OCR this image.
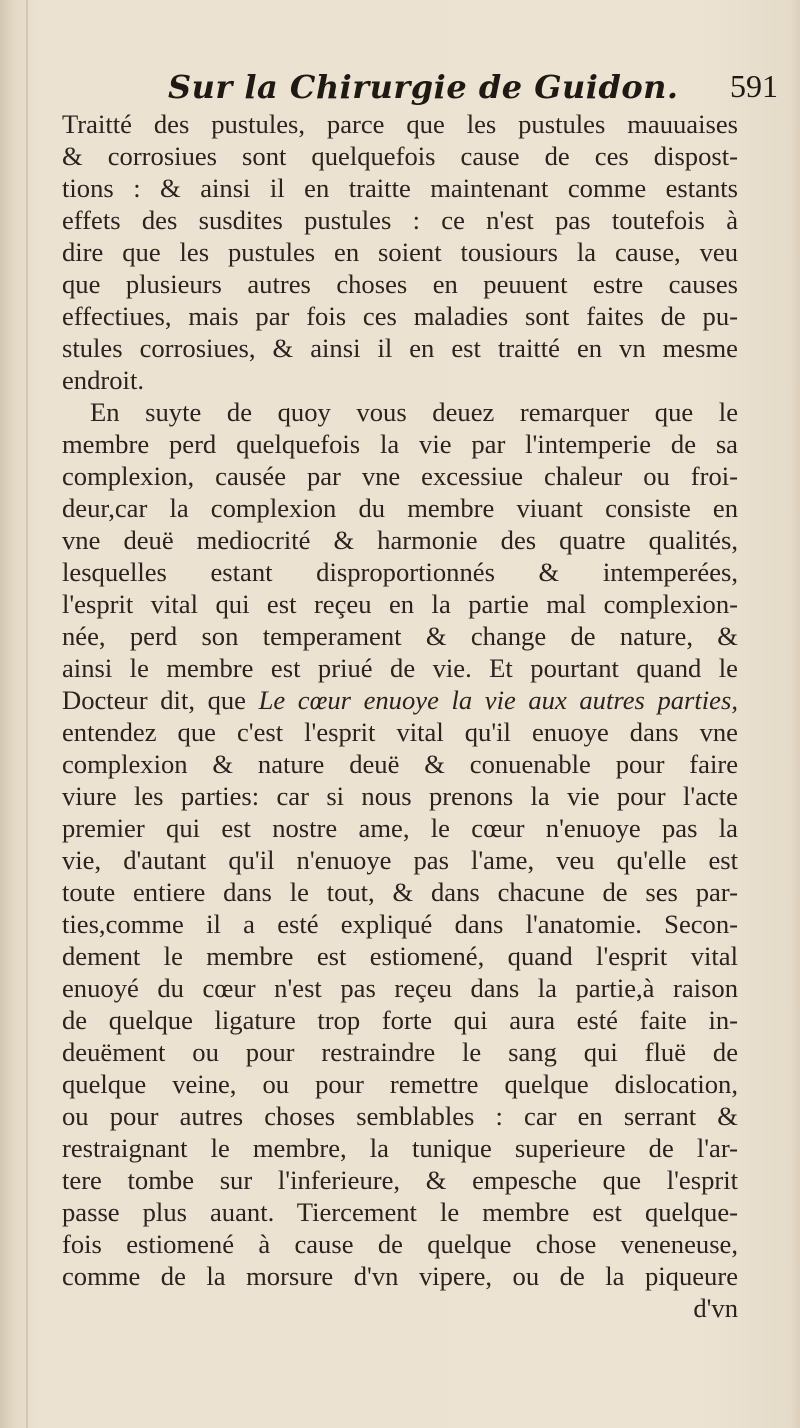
Sur la Chirurgie de Guidon. 591
Traitté des pustules, parce que les pustules mauuaises
& corrosiues sont quelquefois cause de ces dispost-
tions : & ainsi il en traitte maintenant comme estants
effets des susdites pustules : ce n'est pas toutefois à
dire que les pustules en soient tousiours la cause, veu
que plusieurs autres choses en peuuent estre causes
effectiues, mais par fois ces maladies sont faites de pu-
stules corrosiues, & ainsi il en est traitté en vn mesme
endroit.
En suyte de quoy vous deuez remarquer que le
membre perd quelquefois la vie par l'intemperie de sa
complexion, causée par vne excessiue chaleur ou froi-
deur,car la complexion du membre viuant consiste en
vne deuë mediocrité & harmonie des quatre qualités,
lesquelles estant disproportionnés & intemperées,
l'esprit vital qui est reçeu en la partie mal complexion-
née, perd son temperament & change de nature, &
ainsi le membre est priué de vie. Et pourtant quand le
Docteur dit, que Le cœur enuoye la vie aux autres parties,
entendez que c'est l'esprit vital qu'il enuoye dans vne
complexion & nature deuë & conuenable pour faire
viure les parties: car si nous prenons la vie pour l'acte
premier qui est nostre ame, le cœur n'enuoye pas la
vie, d'autant qu'il n'enuoye pas l'ame, veu qu'elle est
toute entiere dans le tout, & dans chacune de ses par-
ties,comme il a esté expliqué dans l'anatomie. Secon-
dement le membre est estiomené, quand l'esprit vital
enuoyé du cœur n'est pas reçeu dans la partie,à raison
de quelque ligature trop forte qui aura esté faite in-
deuëment ou pour restraindre le sang qui fluë de
quelque veine, ou pour remettre quelque dislocation,
ou pour autres choses semblables : car en serrant &
restraignant le membre, la tunique superieure de l'ar-
tere tombe sur l'inferieure, & empesche que l'esprit
passe plus auant. Tiercement le membre est quelque-
fois estiomené à cause de quelque chose veneneuse,
comme de la morsure d'vn vipere, ou de la piqueure
d'vn
